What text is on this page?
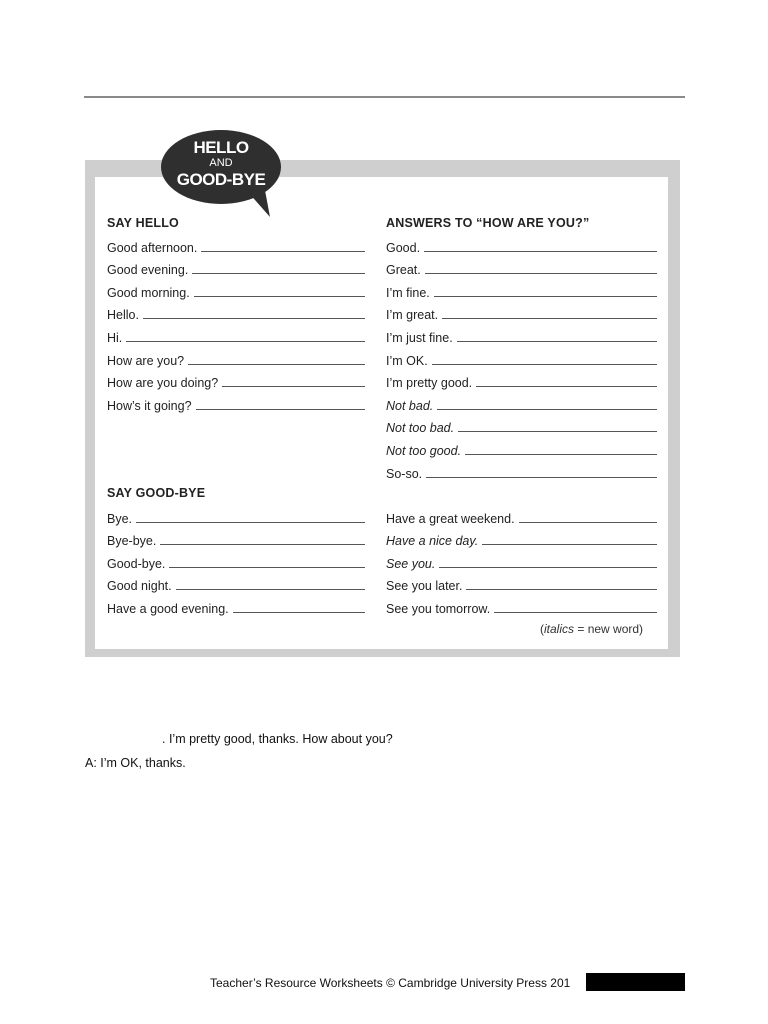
HELLO
AND
GOOD-BYE
SAY HELLO	ANSWERS TO “HOW ARE YOU?”
SAY GOOD-BYE
Good afternoon.
Good evening.
Good morning.
Hello.
Hi.
How are you?
How are you doing?
How’s it going?
Good.
Great.
I’m fine.
I’m great.
I’m just fine.
I’m OK.
I’m pretty good.
Not bad.
Not too bad.
Not too good.
So-so.
Bye.
Bye-bye.
Good-bye.
Good night.
Have a good evening.
Have a great weekend.
Have a nice day.
See you.
See you later.
See you tomorrow.
(italics = new word)
. I’m pretty good, thanks. How about you?
A: I’m OK, thanks.
Teacher’s Resource Worksheets © Cambridge University Press 201
